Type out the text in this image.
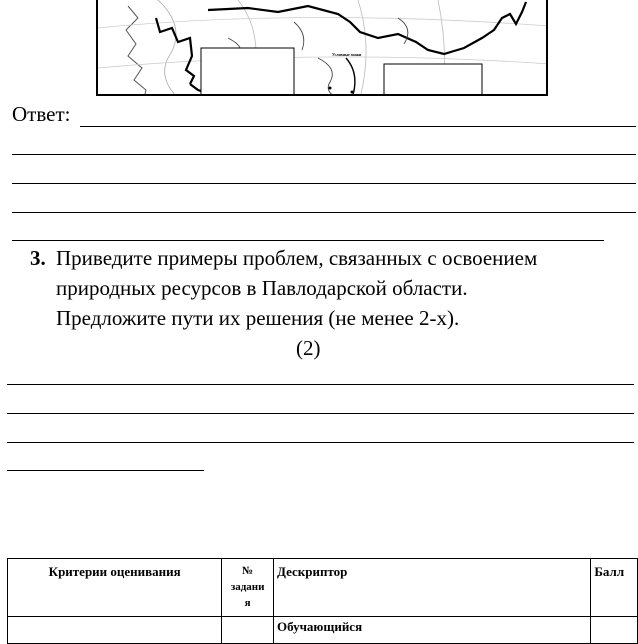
Условные знаки
Ответ:
3. Приведите примеры проблем, связанных с освоением
природных ресурсов в Павлодарской области.
Предложите пути их решения (не менее 2-х).
(2)
Критерии оценивания	№
задани
я	Дескриптор	Балл
		Обучающийся	
